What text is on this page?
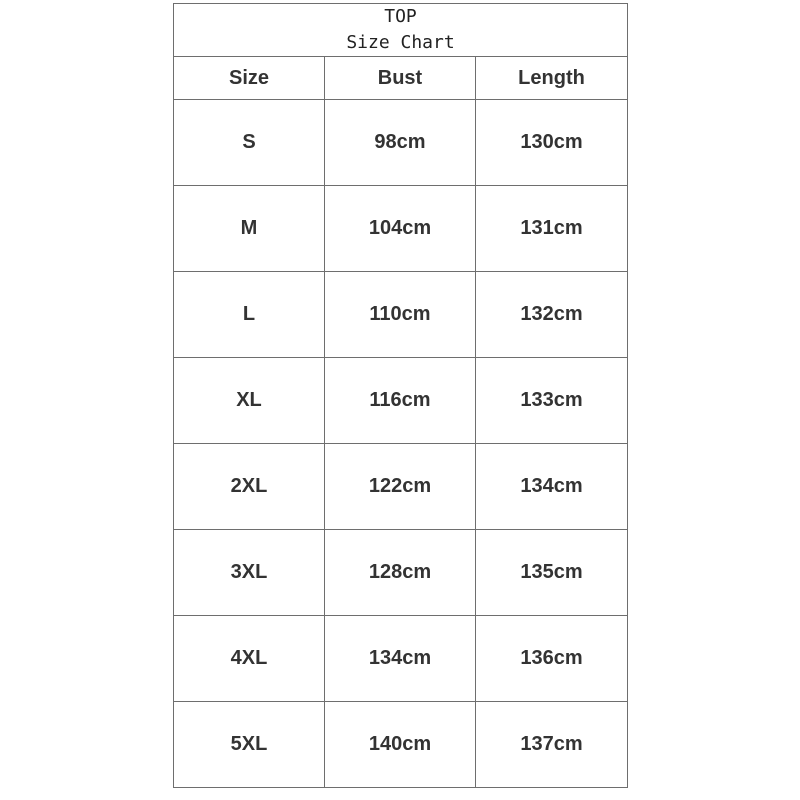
TOP
Size Chart		

Size	Bust	Length
S	98cm	130cm
M	104cm	131cm
L	110cm	132cm
XL	116cm	133cm
2XL	122cm	134cm
3XL	128cm	135cm
4XL	134cm	136cm
5XL	140cm	137cm
